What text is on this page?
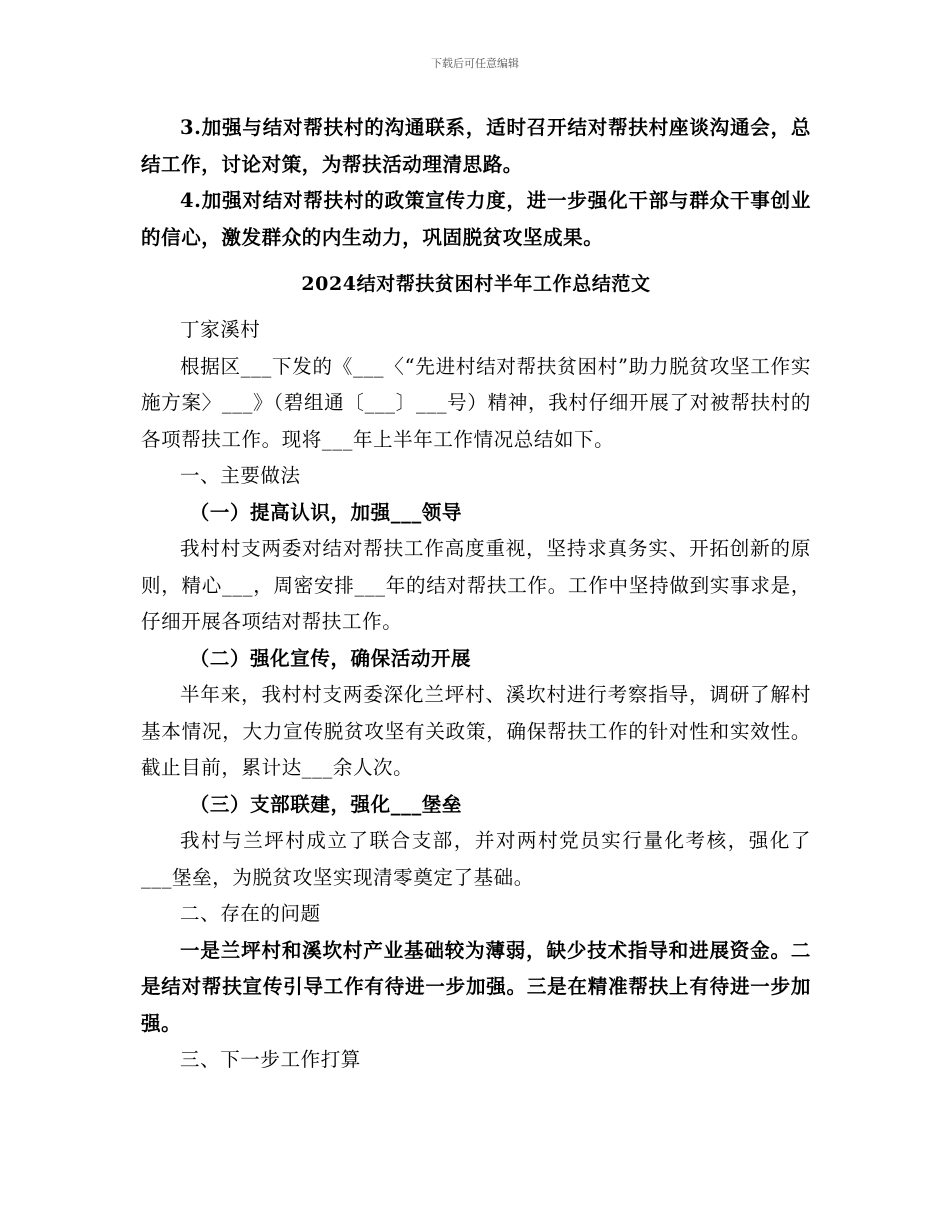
下载后可任意编辑

3.加强与结对帮扶村的沟通联系，适时召开结对帮扶村座谈沟通会，总结工作，讨论对策，为帮扶活动理清思路。

4.加强对结对帮扶村的政策宣传力度，进一步强化干部与群众干事创业的信心，激发群众的内生动力，巩固脱贫攻坚成果。

2024结对帮扶贫困村半年工作总结范文

丁家溪村

根据区___下发的《___〈“先进村结对帮扶贫困村”助力脱贫攻坚工作实施方案〉___》（碧组通〔___〕___号）精神，我村仔细开展了对被帮扶村的各项帮扶工作。现将___年上半年工作情况总结如下。

一、主要做法

（一）提高认识，加强___领导

我村村支两委对结对帮扶工作高度重视，坚持求真务实、开拓创新的原则，精心___，周密安排___年的结对帮扶工作。工作中坚持做到实事求是，仔细开展各项结对帮扶工作。

（二）强化宣传，确保活动开展

半年来，我村村支两委深化兰坪村、溪坎村进行考察指导，调研了解村基本情况，大力宣传脱贫攻坚有关政策，确保帮扶工作的针对性和实效性。截止目前，累计达___余人次。

（三）支部联建，强化___堡垒

我村与兰坪村成立了联合支部，并对两村党员实行量化考核，强化了___堡垒，为脱贫攻坚实现清零奠定了基础。

二、存在的问题

一是兰坪村和溪坎村产业基础较为薄弱，缺少技术指导和进展资金。二是结对帮扶宣传引导工作有待进一步加强。三是在精准帮扶上有待进一步加强。

三、下一步工作打算
